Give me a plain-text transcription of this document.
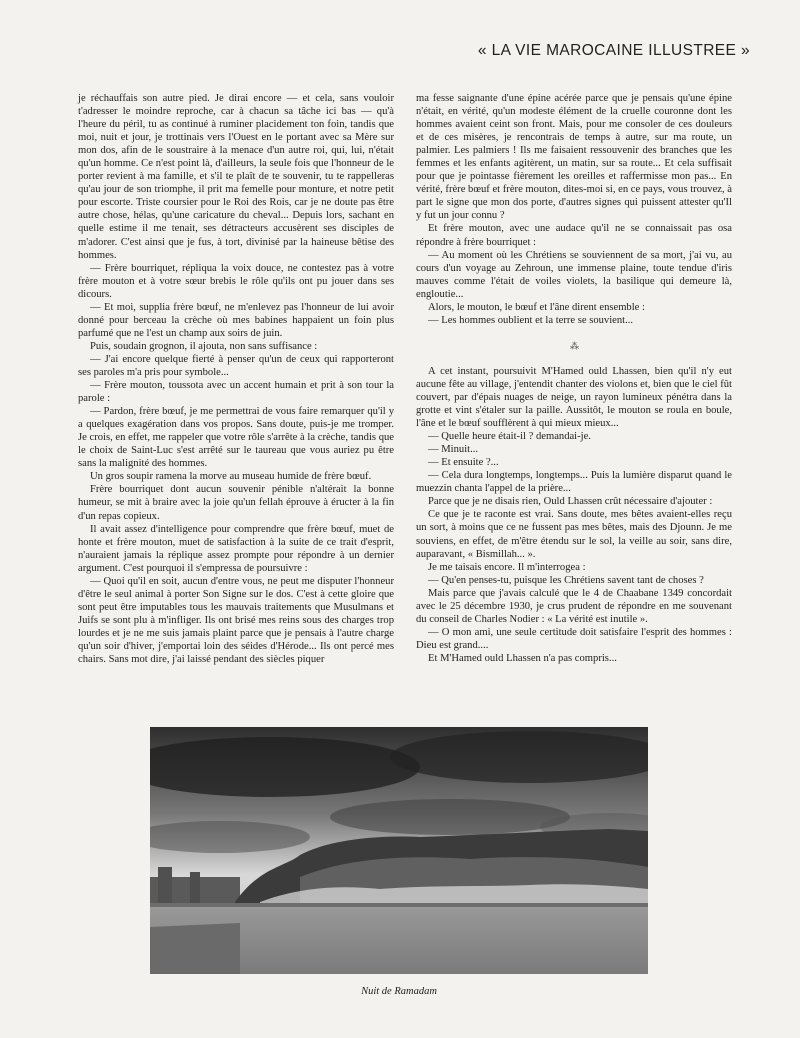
« LA VIE MAROCAINE ILLUSTREE »

je réchauffais son autre pied. Je dirai encore — et cela, sans vouloir t'adresser le moindre reproche, car à chacun sa tâche ici bas — qu'à l'heure du péril, tu as continué à ruminer placidement ton foin, tandis que moi, nuit et jour, je trottinais vers l'Ouest en le portant avec sa Mère sur mon dos, afin de le soustraire à la menace d'un autre roi, qui, lui, n'était qu'un homme. Ce n'est point là, d'ailleurs, la seule fois que l'honneur de le porter revient à ma famille, et s'il te plaît de te souvenir, tu te rappelleras qu'au jour de son triomphe, il prit ma femelle pour monture, et notre petit pour escorte. Triste coursier pour le Roi des Rois, car je ne doute pas être autre chose, hélas, qu'une caricature du cheval... Depuis lors, sachant en quelle estime il me tenait, ses détracteurs accusèrent ses disciples de m'adorer. C'est ainsi que je fus, à tort, divinisé par la haineuse bêtise des hommes.

— Frère bourriquet, répliqua la voix douce, ne contestez pas à votre frère mouton et à votre sœur brebis le rôle qu'ils ont pu jouer dans ses dicours.

— Et moi, supplia frère bœuf, ne m'enlevez pas l'honneur de lui avoir donné pour berceau la crèche où mes babines happaient un foin plus parfumé que ne l'est un champ aux soirs de juin.

Puis, soudain grognon, il ajouta, non sans suffisance :

— J'ai encore quelque fierté à penser qu'un de ceux qui rapporteront ses paroles m'a pris pour symbole...

— Frère mouton, toussota avec un accent humain et prit à son tour la parole :

— Pardon, frère bœuf, je me permettrai de vous faire remarquer qu'il y a quelques exagération dans vos propos. Sans doute, puis-je me tromper. Je crois, en effet, me rappeler que votre rôle s'arrête à la crèche, tandis que le choix de Saint-Luc s'est arrêté sur le taureau que vous auriez pu être sans la malignité des hommes.

Un gros soupir ramena la morve au museau humide de frère bœuf.

Frère bourriquet dont aucun souvenir pénible n'altérait la bonne humeur, se mit à braire avec la joie qu'un fellah éprouve à éructer à la fin d'un repas copieux.

Il avait assez d'intelligence pour comprendre que frère bœuf, muet de honte et frère mouton, muet de satisfaction à la suite de ce trait d'esprit, n'auraient jamais la réplique assez prompte pour répondre à un dernier argument. C'est pourquoi il s'empressa de poursuivre :

— Quoi qu'il en soit, aucun d'entre vous, ne peut me disputer l'honneur d'être le seul animal à porter Son Signe sur le dos. C'est à cette gloire que sont peut être imputables tous les mauvais traitements que Musulmans et Juifs se sont plu à m'infliger. Ils ont brisé mes reins sous des charges trop lourdes et je ne me suis jamais plaint parce que je pensais à l'autre charge qu'un soir d'hiver, j'emportai loin des séides d'Hérode... Ils ont percé mes chairs. Sans mot dire, j'ai laissé pendant des siècles piquer

ma fesse saignante d'une épine acérée parce que je pensais qu'une épine n'était, en vérité, qu'un modeste élément de la cruelle couronne dont les hommes avaient ceint son front. Mais, pour me consoler de ces douleurs et de ces misères, je rencontrais de temps à autre, sur ma route, un palmier. Les palmiers ! Ils me faisaient ressouvenir des branches que les femmes et les enfants agitèrent, un matin, sur sa route... Et cela suffisait pour que je pointasse fièrement les oreilles et raffermisse mon pas... En vérité, frère bœuf et frère mouton, dites-moi si, en ce pays, vous trouvez, à part le signe que mon dos porte, d'autres signes qui puissent attester qu'Il y fut un jour connu ?

Et frère mouton, avec une audace qu'il ne se connaissait pas osa répondre à frère bourriquet :

— Au moment où les Chrétiens se souviennent de sa mort, j'ai vu, au cours d'un voyage au Zehroun, une immense plaine, toute tendue d'iris mauves comme l'était de voiles violets, la basilique qui demeure là, engloutie...

Alors, le mouton, le bœuf et l'âne dirent ensemble :

— Les hommes oublient et la terre se souvient...

⁂

A cet instant, poursuivit M'Hamed ould Lhassen, bien qu'il n'y eut aucune fête au village, j'entendit chanter des violons et, bien que le ciel fût couvert, par d'épais nuages de neige, un rayon lumineux pénétra dans la grotte et vint s'étaler sur la paille. Aussitôt, le mouton se roula en boule, l'âne et le bœuf soufflèrent à qui mieux mieux...

— Quelle heure était-il ? demandai-je.

— Minuit...

— Et ensuite ?...

— Cela dura longtemps, longtemps... Puis la lumière disparut quand le muezzin chanta l'appel de la prière...

Parce que je ne disais rien, Ould Lhassen crût nécessaire d'ajouter :

Ce que je te raconte est vrai. Sans doute, mes bêtes avaient-elles reçu un sort, à moins que ce ne fussent pas mes bêtes, mais des Djounn. Je me souviens, en effet, de m'être étendu sur le sol, la veille au soir, sans dire, auparavant, « Bismillah... ».

Je me taisais encore. Il m'interrogea :

— Qu'en penses-tu, puisque les Chrétiens savent tant de choses ?

Mais parce que j'avais calculé que le 4 de Chaabane 1349 concordait avec le 25 décembre 1930, je crus prudent de répondre en me souvenant du conseil de Charles Nodier : « La vérité est inutile ».

— O mon ami, une seule certitude doit satisfaire l'esprit des hommes : Dieu est grand....

Et M'Hamed ould Lhassen n'a pas compris...

Nuit de Ramadam
